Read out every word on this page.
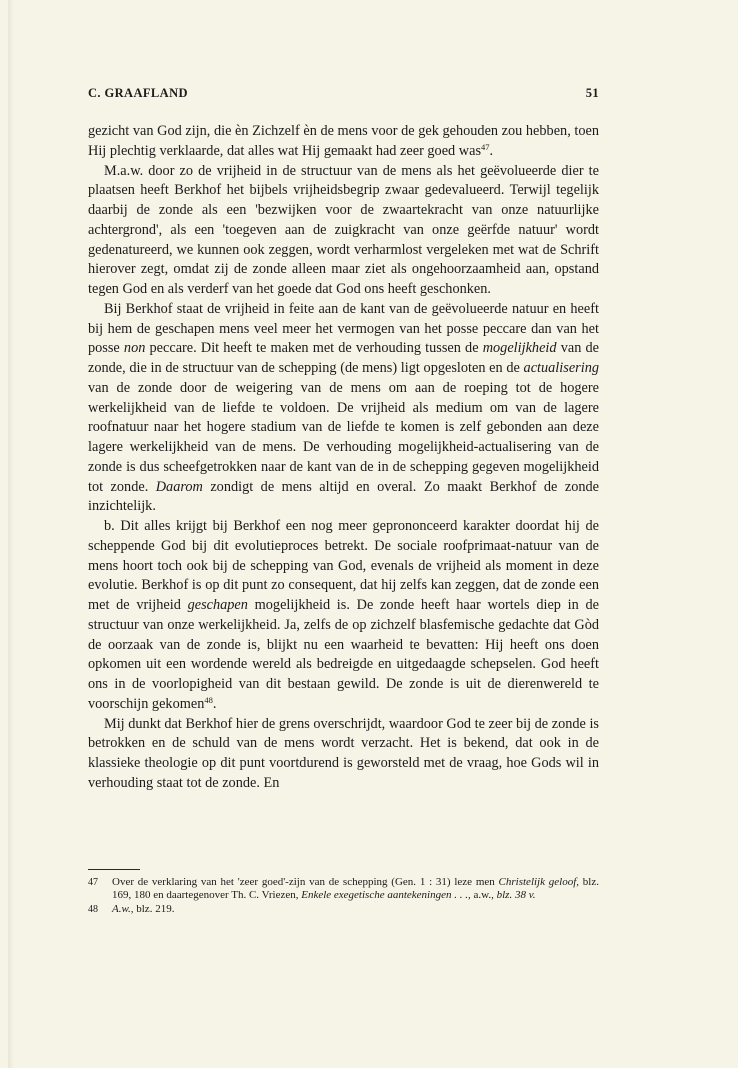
C. GRAAFLAND	51

gezicht van God zijn, die èn Zichzelf èn de mens voor de gek gehouden zou hebben, toen Hij plechtig verklaarde, dat alles wat Hij gemaakt had zeer goed was$^{47}$.

M.a.w. door zo de vrijheid in de structuur van de mens als het geëvolueerde dier te plaatsen heeft Berkhof het bijbels vrijheidsbegrip zwaar gedevalueerd. Terwijl tegelijk daarbij de zonde als een 'bezwijken voor de zwaartekracht van onze natuurlijke achtergrond', als een 'toegeven aan de zuigkracht van onze geërfde natuur' wordt gedenatureerd, we kunnen ook zeggen, wordt verharmlost vergeleken met wat de Schrift hierover zegt, omdat zij de zonde alleen maar ziet als ongehoorzaamheid aan, opstand tegen God en als verderf van het goede dat God ons heeft geschonken.

Bij Berkhof staat de vrijheid in feite aan de kant van de geëvolueerde natuur en heeft bij hem de geschapen mens veel meer het vermogen van het posse peccare dan van het posse non peccare. Dit heeft te maken met de verhouding tussen de mogelijkheid van de zonde, die in de structuur van de schepping (de mens) ligt opgesloten en de actualisering van de zonde door de weigering van de mens om aan de roeping tot de hogere werkelijkheid van de liefde te voldoen. De vrijheid als medium om van de lagere roofnatuur naar het hogere stadium van de liefde te komen is zelf gebonden aan deze lagere werkelijkheid van de mens. De verhouding mogelijkheid-actualisering van de zonde is dus scheefgetrokken naar de kant van de in de schepping gegeven mogelijkheid tot zonde. Daarom zondigt de mens altijd en overal. Zo maakt Berkhof de zonde inzichtelijk.

b. Dit alles krijgt bij Berkhof een nog meer geprononceerd karakter doordat hij de scheppende God bij dit evolutieproces betrekt. De sociale roofprimaat-natuur van de mens hoort toch ook bij de schepping van God, evenals de vrijheid als moment in deze evolutie. Berkhof is op dit punt zo consequent, dat hij zelfs kan zeggen, dat de zonde een met de vrijheid geschapen mogelijkheid is. De zonde heeft haar wortels diep in de structuur van onze werkelijkheid. Ja, zelfs de op zichzelf blasfemische gedachte dat Gòd de oorzaak van de zonde is, blijkt nu een waarheid te bevatten: Hij heeft ons doen opkomen uit een wordende wereld als bedreigde en uitgedaagde schepselen. God heeft ons in de voorlopigheid van dit bestaan gewild. De zonde is uit de dierenwereld te voorschijn gekomen$^{48}$.

Mij dunkt dat Berkhof hier de grens overschrijdt, waardoor God te zeer bij de zonde is betrokken en de schuld van de mens wordt verzacht. Het is bekend, dat ook in de klassieke theologie op dit punt voortdurend is geworsteld met de vraag, hoe Gods wil in verhouding staat tot de zonde. En

47	Over de verklaring van het 'zeer goed'-zijn van de schepping (Gen. 1 : 31) leze men Christelijk geloof, blz. 169, 180 en daartegenover Th. C. Vriezen, Enkele exegetische aantekeningen . . ., a.w., blz. 38 v.
48	A.w., blz. 219.
